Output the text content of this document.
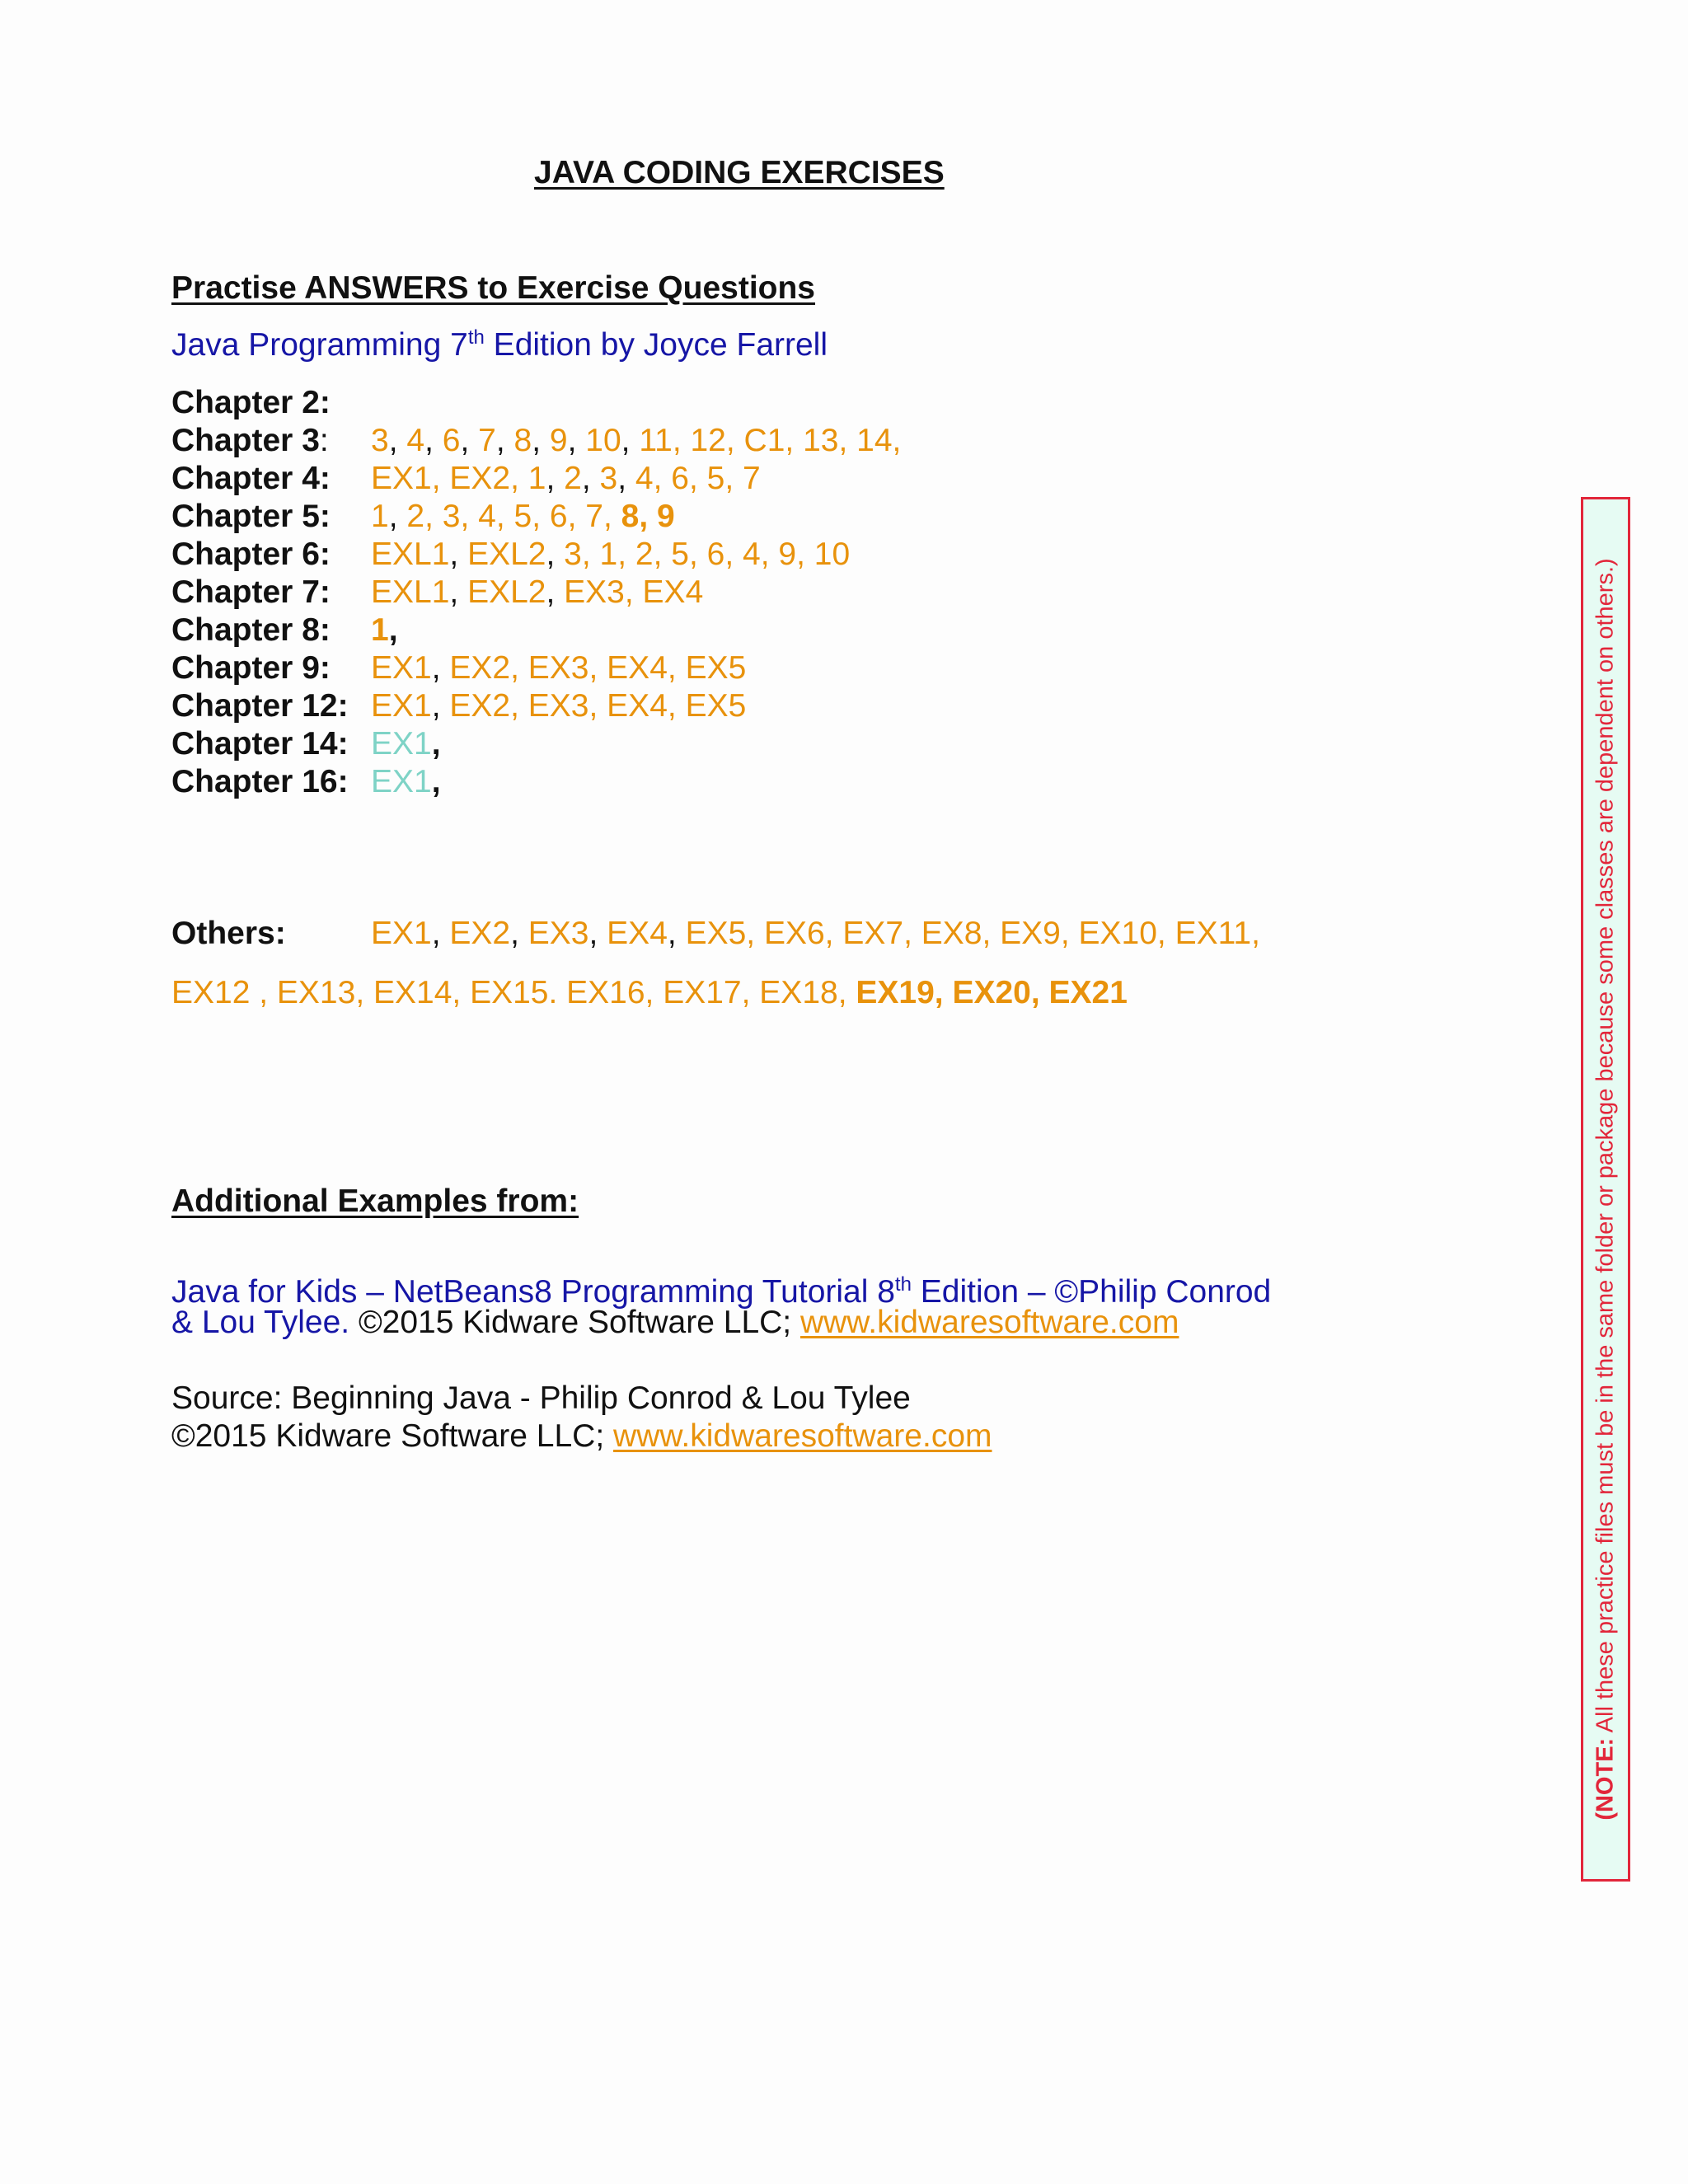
JAVA CODING EXERCISES
Practise ANSWERS to Exercise Questions
Java Programming 7th Edition by Joyce Farrell
Chapter 2:
Chapter 3: 3, 4, 6, 7, 8, 9, 10, 11, 12, C1, 13, 14,
Chapter 4: EX1, EX2, 1, 2, 3, 4, 6, 5, 7
Chapter 5: 1, 2, 3, 4, 5, 6, 7, 8, 9
Chapter 6: EXL1, EXL2, 3, 1, 2, 5, 6, 4, 9, 10
Chapter 7: EXL1, EXL2, EX3, EX4
Chapter 8: 1,
Chapter 9: EX1, EX2, EX3, EX4, EX5
Chapter 12: EX1, EX2, EX3, EX4, EX5
Chapter 14: EX1,
Chapter 16: EX1,
Others:	EX1, EX2, EX3, EX4, EX5, EX6, EX7, EX8, EX9, EX10, EX11,
EX12 , EX13, EX14, EX15. EX16, EX17, EX18, EX19, EX20, EX21
Additional Examples from:
Java for Kids – NetBeans8 Programming Tutorial 8th Edition – ©Philip Conrod
& Lou Tylee. ©2015 Kidware Software LLC; www.kidwaresoftware.com
Source: Beginning Java - Philip Conrod & Lou Tylee
©2015 Kidware Software LLC; www.kidwaresoftware.com
(NOTE: All these practice files must be in the same folder or package because some classes are dependent on others.)
